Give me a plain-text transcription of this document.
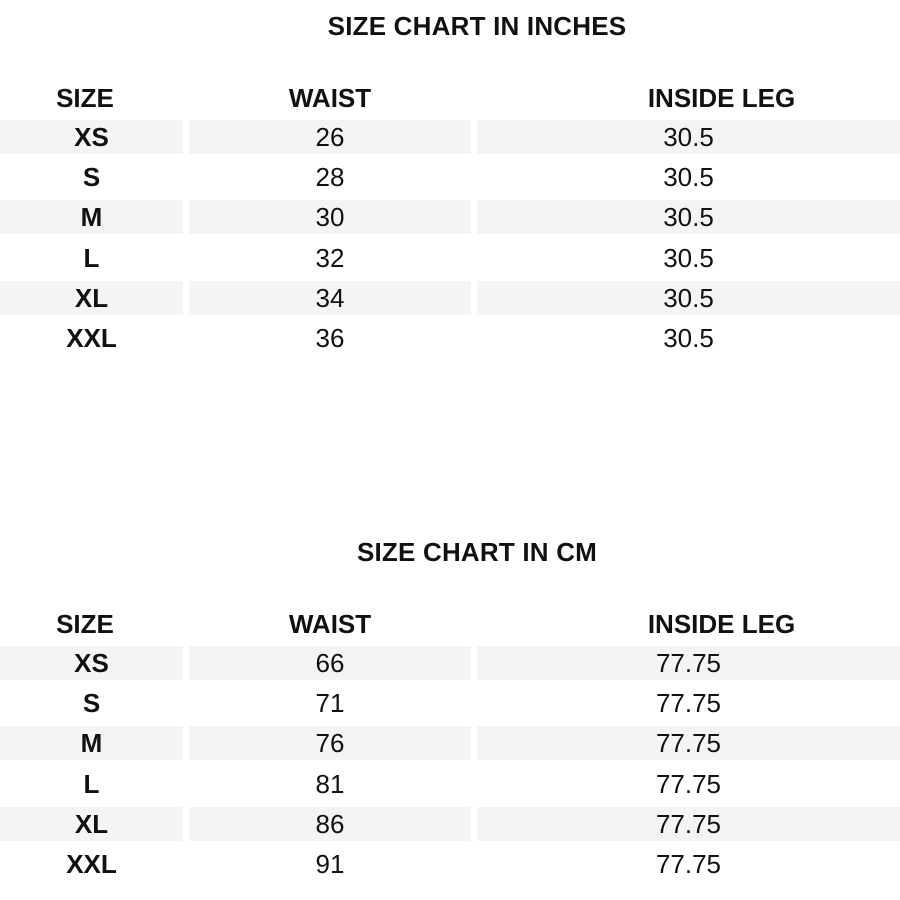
SIZE CHART IN INCHES
SIZE	WAIST	INSIDE LEG
XS	26	30.5
S	28	30.5
M	30	30.5
L	32	30.5
XL	34	30.5
XXL	36	30.5
SIZE CHART IN CM
SIZE	WAIST	INSIDE LEG
XS	66	77.75
S	71	77.75
M	76	77.75
L	81	77.75
XL	86	77.75
XXL	91	77.75
